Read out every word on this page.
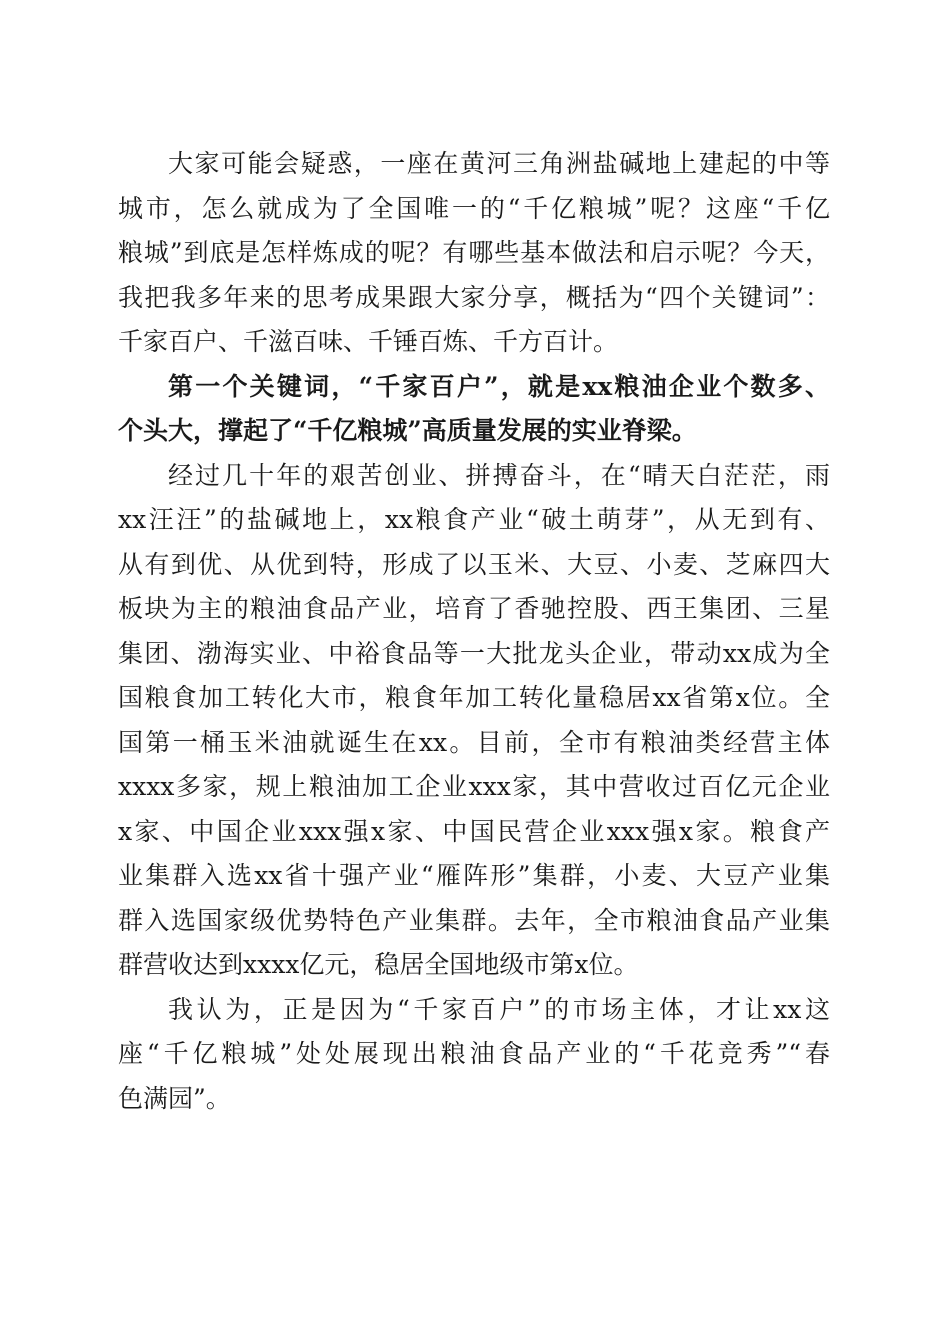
大家可能会疑惑，一座在黄河三角洲盐碱地上建起的中等
城市，怎么就成为了全国唯一的“千亿粮城”呢？这座“千亿
粮城”到底是怎样炼成的呢？有哪些基本做法和启示呢？今天，
我把我多年来的思考成果跟大家分享，概括为“四个关键词”：
千家百户、千滋百味、千锤百炼、千方百计。
第一个关键词，“千家百户”，就是xx粮油企业个数多、
个头大，撑起了“千亿粮城”高质量发展的实业脊梁。
经过几十年的艰苦创业、拼搏奋斗，在“晴天白茫茫，雨
xx汪汪”的盐碱地上，xx粮食产业“破土萌芽”，从无到有、
从有到优、从优到特，形成了以玉米、大豆、小麦、芝麻四大
板块为主的粮油食品产业，培育了香驰控股、西王集团、三星
集团、渤海实业、中裕食品等一大批龙头企业，带动xx成为全
国粮食加工转化大市，粮食年加工转化量稳居xx省第x位。全
国第一桶玉米油就诞生在xx。目前，全市有粮油类经营主体
xxxx多家，规上粮油加工企业xxx家，其中营收过百亿元企业
x家、中国企业xxx强x家、中国民营企业xxx强x家。粮食产
业集群入选xx省十强产业“雁阵形”集群，小麦、大豆产业集
群入选国家级优势特色产业集群。去年，全市粮油食品产业集
群营收达到xxxx亿元，稳居全国地级市第x位。
我认为，正是因为“千家百户”的市场主体，才让xx这
座“千亿粮城”处处展现出粮油食品产业的“千花竞秀”“春
色满园”。
